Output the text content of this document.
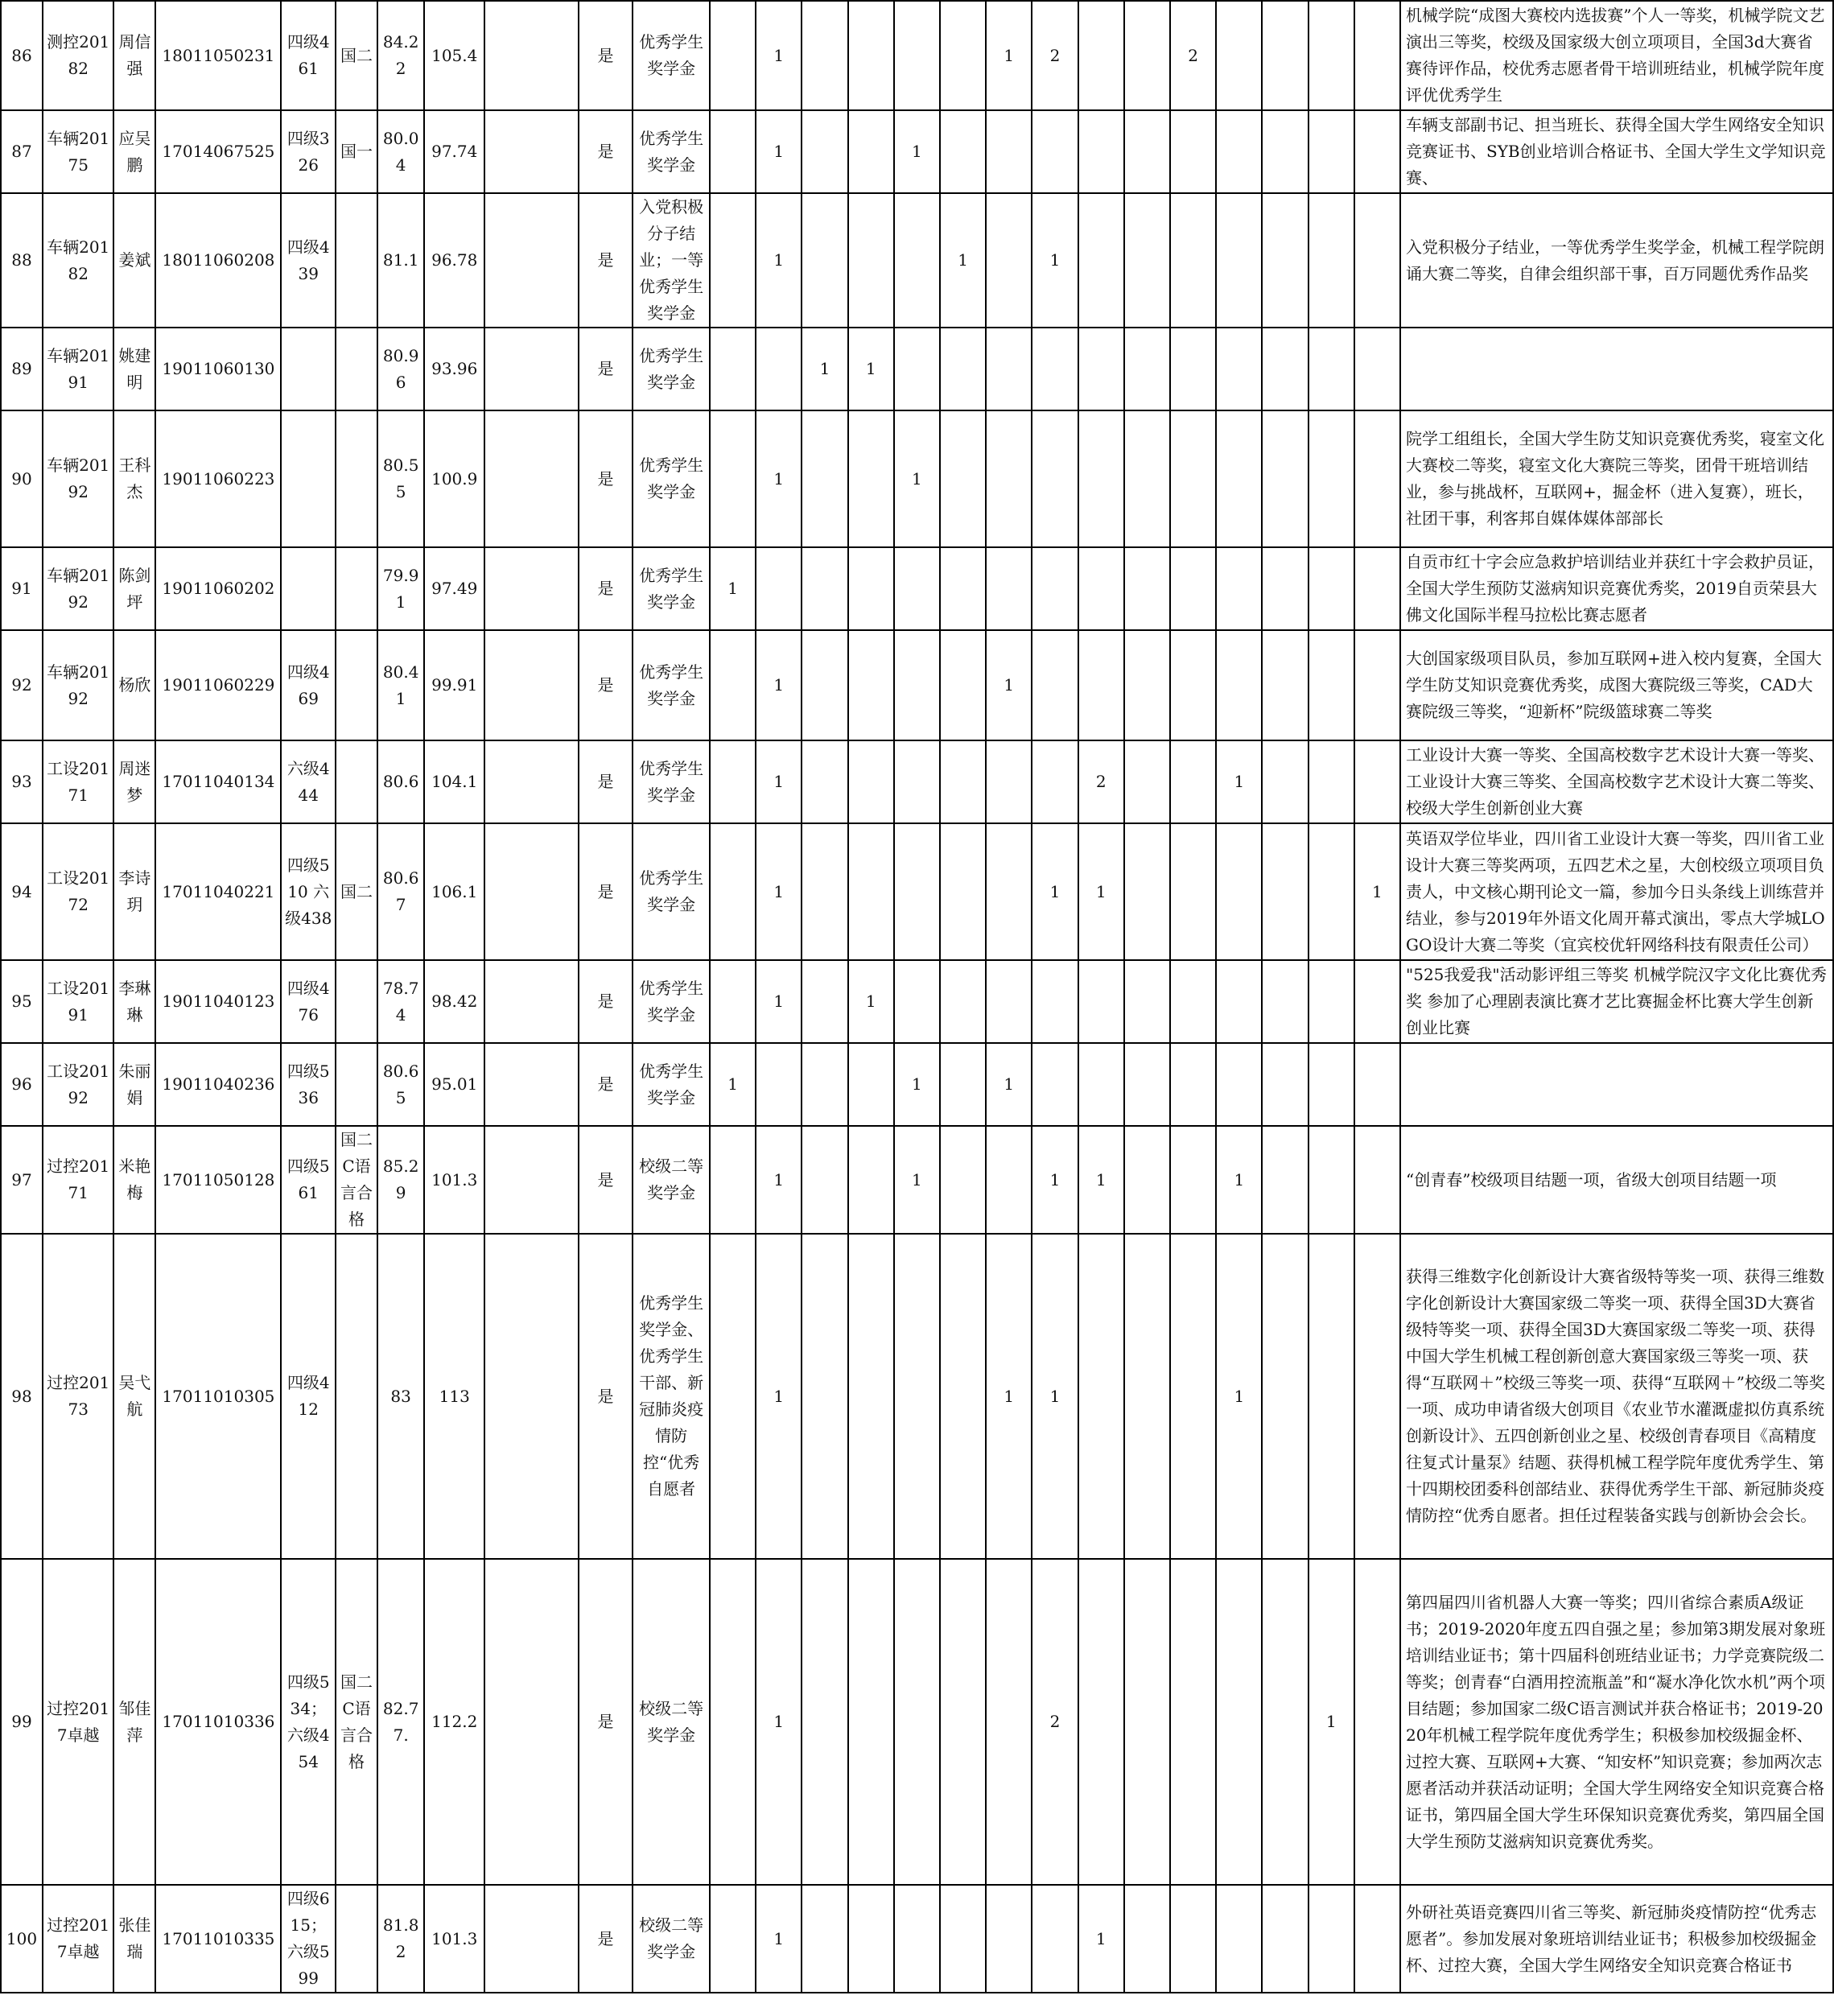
86	测控20182	周信强	18011050231	四级461	国二	84.22	105.4		是	优秀学生奖学金		1					1	2			2					机械学院“成图大赛校内选拔赛”个人一等奖，机械学院文艺演出三等奖，校级及国家级大创立项项目，全国3d大赛省赛待评作品，校优秀志愿者骨干培训班结业，机械学院年度评优优秀学生
87	车辆20175	应吴鹏	17014067525	四级326	国一	80.04	97.74		是	优秀学生奖学金		1			1											车辆支部副书记、担当班长、获得全国大学生网络安全知识竞赛证书、SYB创业培训合格证书、全国大学生文学知识竞赛、
88	车辆20182	姜斌	18011060208	四级439		81.1	96.78		是	入党积极分子结业；一等优秀学生奖学金		1				1		1								入党积极分子结业，一等优秀学生奖学金，机械工程学院朗诵大赛二等奖，自律会组织部干事，百万同题优秀作品奖
89	车辆20191	姚建明	19011060130			80.96	93.96		是	优秀学生奖学金			1	1												
90	车辆20192	王科杰	19011060223			80.55	100.9		是	优秀学生奖学金		1			1											院学工组组长，全国大学生防艾知识竞赛优秀奖，寝室文化大赛校二等奖，寝室文化大赛院三等奖，团骨干班培训结业，参与挑战杯，互联网+，掘金杯（进入复赛），班长，社团干事，利客邦自媒体媒体部部长
91	车辆20192	陈剑坪	19011060202			79.91	97.49		是	优秀学生奖学金	1															自贡市红十字会应急救护培训结业并获红十字会救护员证，全国大学生预防艾滋病知识竞赛优秀奖，2019自贡荣县大佛文化国际半程马拉松比赛志愿者
92	车辆20192	杨欣	19011060229	四级469		80.41	99.91		是	优秀学生奖学金		1					1									大创国家级项目队员，参加互联网+进入校内复赛，全国大学生防艾知识竞赛优秀奖，成图大赛院级三等奖，CAD大赛院级三等奖，“迎新杯”院级篮球赛二等奖
93	工设20171	周迷梦	17011040134	六级444		80.6	104.1		是	优秀学生奖学金		1							2			1				工业设计大赛一等奖、全国高校数字艺术设计大赛一等奖、工业设计大赛三等奖、全国高校数字艺术设计大赛二等奖、校级大学生创新创业大赛
94	工设20172	李诗玥	17011040221	四级510 六级438	国二	80.67	106.1		是	优秀学生奖学金		1						1	1						1	英语双学位毕业，四川省工业设计大赛一等奖，四川省工业设计大赛三等奖两项，五四艺术之星，大创校级立项项目负责人，中文核心期刊论文一篇，参加今日头条线上训练营并结业，参与2019年外语文化周开幕式演出，零点大学城LOGO设计大赛二等奖（宜宾校优轩网络科技有限责任公司）
95	工设20191	李琳琳	19011040123	四级476		78.74	98.42		是	优秀学生奖学金		1		1												"525我爱我"活动影评组三等奖 机械学院汉字文化比赛优秀奖 参加了心理剧表演比赛才艺比赛掘金杯比赛大学生创新创业比赛
96	工设20192	朱丽娟	19011040236	四级536		80.65	95.01		是	优秀学生奖学金	1				1		1									
97	过控20171	米艳梅	17011050128	四级561	国二C语言合格	85.29	101.3		是	校级二等奖学金		1			1			1	1			1				“创青春”校级项目结题一项，省级大创项目结题一项
98	过控20173	吴弋航	17011010305	四级412		83	113		是	优秀学生奖学金、优秀学生干部、新冠肺炎疫情防控“优秀自愿者		1					1	1				1				获得三维数字化创新设计大赛省级特等奖一项、获得三维数字化创新设计大赛国家级二等奖一项、获得全国3D大赛省级特等奖一项、获得全国3D大赛国家级二等奖一项、获得中国大学生机械工程创新创意大赛国家级三等奖一项、获得“互联网＋”校级三等奖一项、获得“互联网＋”校级二等奖一项、成功申请省级大创项目《农业节水灌溉虚拟仿真系统创新设计》、五四创新创业之星、校级创青春项目《高精度往复式计量泵》结题、获得机械工程学院年度优秀学生、第十四期校团委科创部结业、获得优秀学生干部、新冠肺炎疫情防控“优秀自愿者。担任过程装备实践与创新协会会长。
99	过控2017卓越	邹佳萍	17011010336	四级534；六级454	国二C语言合格	82.77.	112.2		是	校级二等奖学金		1						2						1		第四届四川省机器人大赛一等奖；四川省综合素质A级证书；2019-2020年度五四自强之星；参加第3期发展对象班培训结业证书；第十四届科创班结业证书；力学竞赛院级二等奖；创青春“白酒用控流瓶盖”和“凝水净化饮水机”两个项目结题；参加国家二级C语言测试并获合格证书；2019-2020年机械工程学院年度优秀学生；积极参加校级掘金杯、过控大赛、互联网+大赛、“知安杯”知识竞赛；参加两次志愿者活动并获活动证明；全国大学生网络安全知识竞赛合格证书，第四届全国大学生环保知识竞赛优秀奖，第四届全国大学生预防艾滋病知识竞赛优秀奖。
100	过控2017卓越	张佳瑞	17011010335	四级615；六级599		81.82	101.3		是	校级二等奖学金		1							1							外研社英语竞赛四川省三等奖、新冠肺炎疫情防控“优秀志愿者”。参加发展对象班培训结业证书；积极参加校级掘金杯、过控大赛，全国大学生网络安全知识竞赛合格证书
